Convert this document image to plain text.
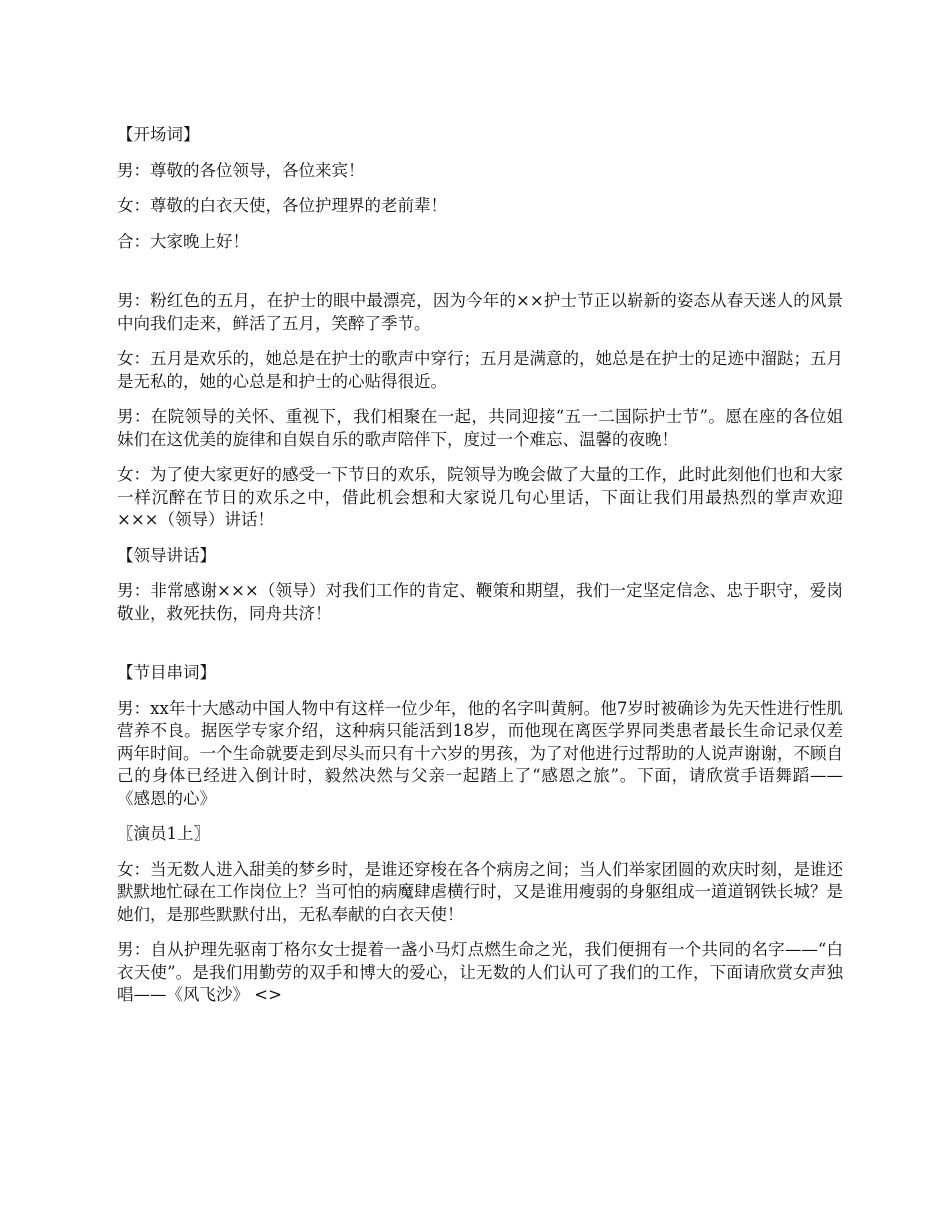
【开场词】

男：尊敬的各位领导，各位来宾！

女：尊敬的白衣天使，各位护理界的老前辈！

合：大家晚上好！

男：粉红色的五月，在护士的眼中最漂亮，因为今年的××护士节正以崭新的姿态从春天迷人的风景中向我们走来，鲜活了五月，笑醉了季节。

女：五月是欢乐的，她总是在护士的歌声中穿行；五月是满意的，她总是在护士的足迹中溜跶；五月是无私的，她的心总是和护士的心贴得很近。

男：在院领导的关怀、重视下，我们相聚在一起，共同迎接“五一二国际护士节”。愿在座的各位姐妹们在这优美的旋律和自娱自乐的歌声陪伴下，度过一个难忘、温馨的夜晚！

女：为了使大家更好的感受一下节日的欢乐，院领导为晚会做了大量的工作，此时此刻他们也和大家一样沉醉在节日的欢乐之中，借此机会想和大家说几句心里话，下面让我们用最热烈的掌声欢迎×××（领导）讲话！

【领导讲话】

男：非常感谢×××（领导）对我们工作的肯定、鞭策和期望，我们一定坚定信念、忠于职守，爱岗敬业，救死扶伤，同舟共济！

【节目串词】

男：xx年十大感动中国人物中有这样一位少年，他的名字叫黄舸。他7岁时被确诊为先天性进行性肌营养不良。据医学专家介绍，这种病只能活到18岁，而他现在离医学界同类患者最长生命记录仅差两年时间。一个生命就要走到尽头而只有十六岁的男孩，为了对他进行过帮助的人说声谢谢，不顾自己的身体已经进入倒计时，毅然决然与父亲一起踏上了“感恩之旅”。下面，请欣赏手语舞蹈——《感恩的心》

〖演员1上〗

女：当无数人进入甜美的梦乡时，是谁还穿梭在各个病房之间；当人们举家团圆的欢庆时刻，是谁还默默地忙碌在工作岗位上？当可怕的病魔肆虐横行时，又是谁用瘦弱的身躯组成一道道钢铁长城？是她们，是那些默默付出，无私奉献的白衣天使！

男：自从护理先驱南丁格尔女士提着一盏小马灯点燃生命之光，我们便拥有一个共同的名字——“白衣天使”。是我们用勤劳的双手和博大的爱心，让无数的人们认可了我们的工作，下面请欣赏女声独唱——《风飞沙》 <>
